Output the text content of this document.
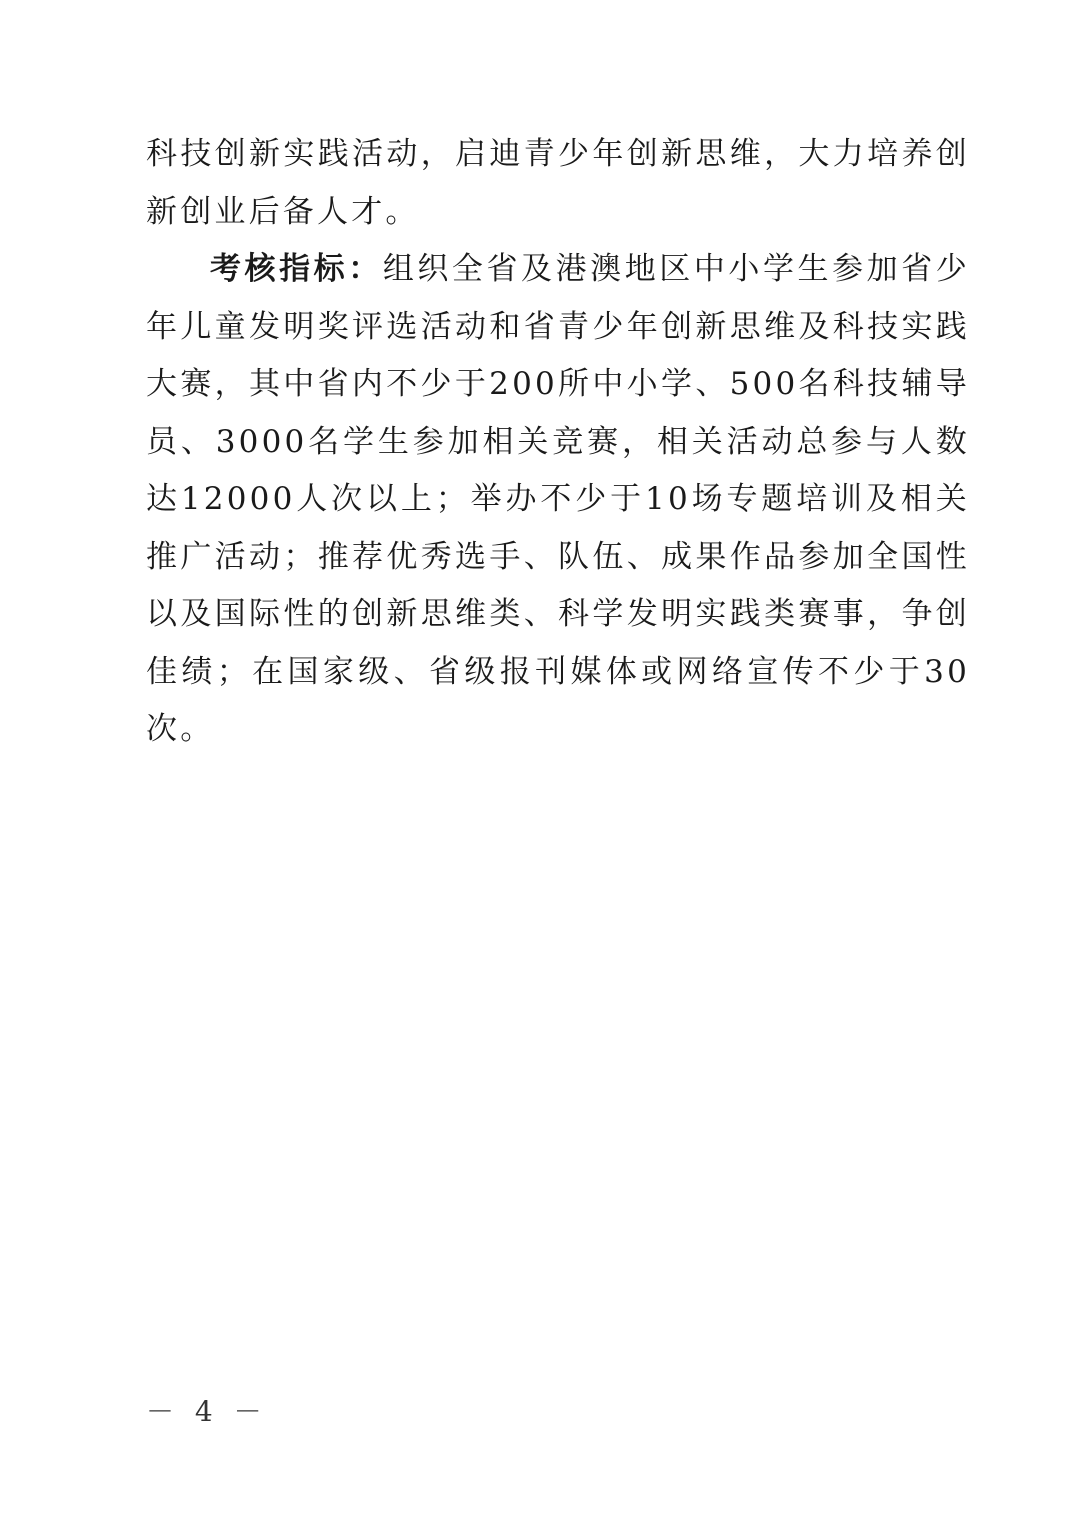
科技创新实践活动，启迪青少年创新思维，大力培养创新创业后备人才。

考核指标：组织全省及港澳地区中小学生参加省少年儿童发明奖评选活动和省青少年创新思维及科技实践大赛，其中省内不少于200所中小学、500名科技辅导员、3000名学生参加相关竞赛，相关活动总参与人数达12000人次以上；举办不少于10场专题培训及相关推广活动；推荐优秀选手、队伍、成果作品参加全国性以及国际性的创新思维类、科学发明实践类赛事，争创佳绩；在国家级、省级报刊媒体或网络宣传不少于30次。

－ 4 －
